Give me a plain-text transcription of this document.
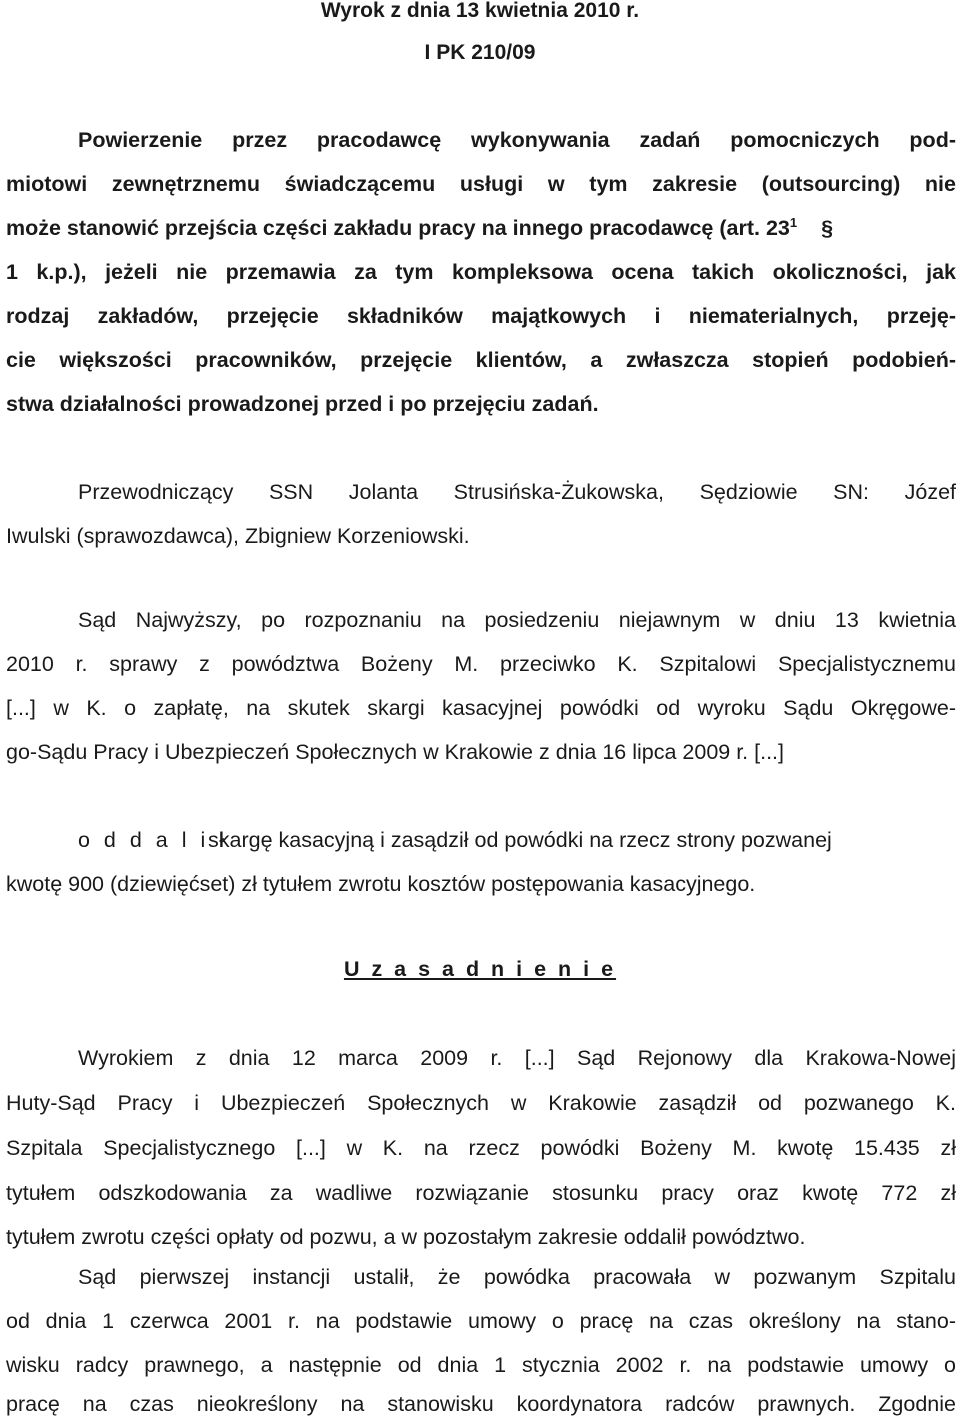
Wyrok z dnia 13 kwietnia 2010 r.
I PK 210/09
Powierzenie przez pracodawcę wykonywania zadań pomocniczych pod-
miotowi zewnętrznemu świadczącemu usługi w tym zakresie (outsourcing) nie
może stanowić przejścia części zakładu pracy na innego pracodawcę (art. $23^1$ §
1 k.p.), jeżeli nie przemawia za tym kompleksowa ocena takich okoliczności, jak
rodzaj zakładów, przejęcie składników majątkowych i niematerialnych, przeję-
cie większości pracowników, przejęcie klientów, a zwłaszcza stopień podobień-
stwa działalności prowadzonej przed i po przejęciu zadań.
Przewodniczący SSN Jolanta Strusińska-Żukowska, Sędziowie SN: Józef
Iwulski (sprawozdawca), Zbigniew Korzeniowski.
Sąd Najwyższy, po rozpoznaniu na posiedzeniu niejawnym w dniu 13 kwietnia
2010 r. sprawy z powództwa Bożeny M. przeciwko K. Szpitalowi Specjalistycznemu
[...] w K. o zapłatę, na skutek skargi kasacyjnej powódki od wyroku Sądu Okręgowe-
go-Sądu Pracy i Ubezpieczeń Społecznych w Krakowie z dnia 16 lipca 2009 r. [...]
o d d a l i łskargę kasacyjną i zasądził od powódki na rzecz strony pozwanej
kwotę 900 (dziewięćset) zł tytułem zwrotu kosztów postępowania kasacyjnego.
U z a s a d n i e n i e
Wyrokiem z dnia 12 marca 2009 r. [...] Sąd Rejonowy dla Krakowa-Nowej
Huty-Sąd Pracy i Ubezpieczeń Społecznych w Krakowie zasądził od pozwanego K.
Szpitala Specjalistycznego [...] w K. na rzecz powódki Bożeny M. kwotę 15.435 zł
tytułem odszkodowania za wadliwe rozwiązanie stosunku pracy oraz kwotę 772 zł
tytułem zwrotu części opłaty od pozwu, a w pozostałym zakresie oddalił powództwo.
Sąd pierwszej instancji ustalił, że powódka pracowała w pozwanym Szpitalu
od dnia 1 czerwca 2001 r. na podstawie umowy o pracę na czas określony na stano-
wisku radcy prawnego, a następnie od dnia 1 stycznia 2002 r. na podstawie umowy o
pracę na czas nieokreślony na stanowisku koordynatora radców prawnych. Zgodnie
